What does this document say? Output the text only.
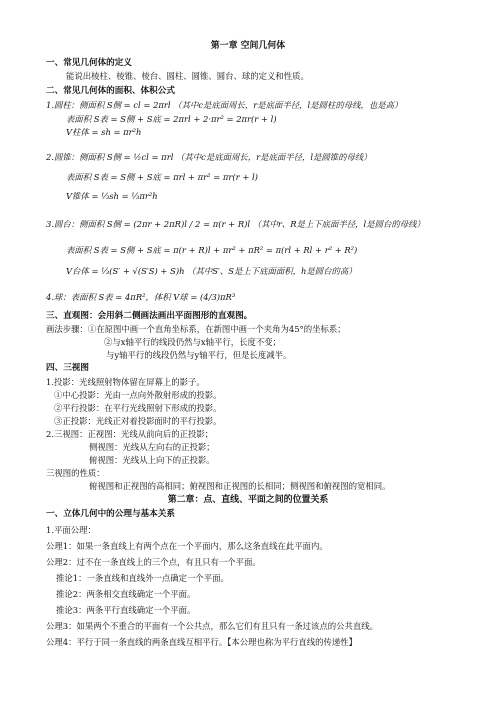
第一章 空间几何体
一、常见几何体的定义
能说出棱柱、棱锥、棱台、圆柱、圆锥、圆台、球的定义和性质。
二、常见几何体的面积、体积公式
1.圆柱：侧面积 S侧 = cl = 2πrl （其中c是底面周长，r是底面半径，l是圆柱的母线，也是高）
表面积 S表 = S侧 + S底 = 2πrl + 2·πr² = 2πr(r + l)
V柱体 = sh = πr²h
2.圆锥：侧面积 S侧 = ½cl = πrl （其中c是底面周长，r是底面半径，l是圆锥的母线）
表面积 S表 = S侧 + S底 = πrl + πr² = πr(r + l)
V锥体 = ⅓sh = ⅓πr²h
3.圆台：侧面积 S侧 = (2πr + 2πR)l / 2 = π(r + R)l （其中r、R是上下底面半径，l是圆台的母线）
表面积 S表 = S侧 + S底 = π(r + R)l + πr² + πR² = π(rl + Rl + r² + R²)
V台体 = ⅓(S′ + √(S′S) + S)h （其中S′、S是上下底面面积，h是圆台的高）
4.球：表面积 S表 = 4πR²，体积 V球 = (4/3)πR³
三、直观图：会用斜二侧画法画出平面图形的直观图。
画法步骤：①在原图中画一个直角坐标系，在新图中画一个夹角为45°的坐标系；
②与x轴平行的线段仍然与x轴平行，长度不变；
与y轴平行的线段仍然与y轴平行，但是长度减半。
四、三视图
1.投影：光线照射物体留在屏幕上的影子。
①中心投影：光由一点向外散射形成的投影。
②平行投影：在平行光线照射下形成的投影。
③正投影：光线正对着投影面时的平行投影。
2.三视图：正视图：光线从前向后的正投影；
侧视图：光线从左向右的正投影；
俯视图：光线从上向下的正投影。
三视图的性质：
俯视图和正视图的高相同；俯视图和正视图的长相同；侧视图和俯视图的宽相同。
第二章：点、直线、平面之间的位置关系
一、立体几何中的公理与基本关系
1.平面公理：
公理1：如果一条直线上有两个点在一个平面内，那么这条直线在此平面内。
公理2：过不在一条直线上的三个点，有且只有一个平面。
推论1：一条直线和直线外一点确定一个平面。
推论2：两条相交直线确定一个平面。
推论3：两条平行直线确定一个平面。
公理3：如果两个不重合的平面有一个公共点，那么它们有且只有一条过该点的公共直线。
公理4：平行于同一条直线的两条直线互相平行。【本公理也称为平行直线的传递性】
